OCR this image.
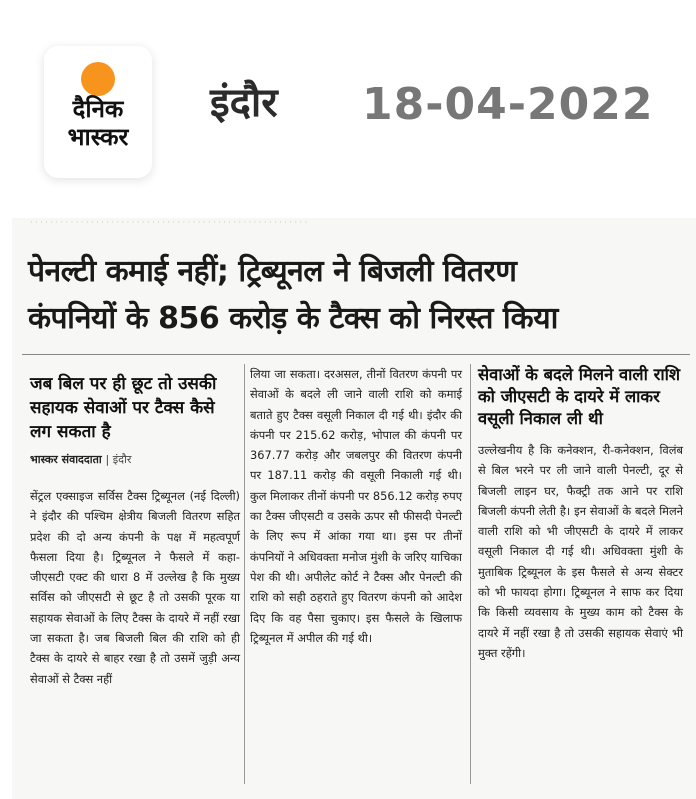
दैनिक
भास्कर
इंदौर 18-04-2022
· · · · · · · · · · · · · · · · · · · · · · · · · · · · · · · · · · · · · · · · · · · · · · · · · · · · · · ·
पेनल्टी कमाई नहीं; ट्रिब्यूनल ने बिजली वितरण
कंपनियों के 856 करोड़ के टैक्स को निरस्त किया
जब बिल पर ही छूट तो उसकी सहायक सेवाओं पर टैक्स कैसे लग सकता है
भास्कर संवाददाता | इंदौर

सेंट्रल एक्साइज सर्विस टैक्स ट्रिब्यूनल (नई दिल्ली) ने इंदौर की पश्चिम क्षेत्रीय बिजली वितरण सहित प्रदेश की दो अन्य कंपनी के पक्ष में महत्वपूर्ण फैसला दिया है। ट्रिब्यूनल ने फैसले में कहा- जीएसटी एक्ट की धारा 8 में उल्लेख है कि मुख्य सर्विस को जीएसटी से छूट है तो उसकी पूरक या सहायक सेवाओं के लिए टैक्स के दायरे में नहीं रखा जा सकता है। जब बिजली बिल की राशि को ही टैक्स के दायरे से बाहर रखा है तो उसमें जुड़ी अन्य सेवाओं से टैक्स नहीं

लिया जा सकता। दरअसल, तीनों वितरण कंपनी पर सेवाओं के बदले ली जाने वाली राशि को कमाई बताते हुए टैक्स वसूली निकाल दी गई थी। इंदौर की कंपनी पर 215.62 करोड़, भोपाल की कंपनी पर 367.77 करोड़ और जबलपुर की वितरण कंपनी पर 187.11 करोड़ की वसूली निकाली गई थी। कुल मिलाकर तीनों कंपनी पर 856.12 करोड़ रुपए का टैक्स जीएसटी व उसके ऊपर सौ फीसदी पेनल्टी के लिए रूप में आंका गया था। इस पर तीनों कंपनियों ने अधिवक्ता मनोज मुंशी के जरिए याचिका पेश की थी। अपीलेट कोर्ट ने टैक्स और पेनल्टी की राशि को सही ठहराते हुए वितरण कंपनी को आदेश दिए कि वह पैसा चुकाए। इस फैसले के खिलाफ ट्रिब्यूनल में अपील की गई थी।

सेवाओं के बदले मिलने वाली राशि को जीएसटी के दायरे में लाकर वसूली निकाल ली थी

उल्लेखनीय है कि कनेक्शन, री-कनेक्शन, विलंब से बिल भरने पर ली जाने वाली पेनल्टी, दूर से बिजली लाइन घर, फैक्ट्री तक आने पर राशि बिजली कंपनी लेती है। इन सेवाओं के बदले मिलने वाली राशि को भी जीएसटी के दायरे में लाकर वसूली निकाल दी गई थी। अधिवक्ता मुंशी के मुताबिक ट्रिब्यूनल के इस फैसले से अन्य सेक्टर को भी फायदा होगा। ट्रिब्यूनल ने साफ कर दिया कि किसी व्यवसाय के मुख्य काम को टैक्स के दायरे में नहीं रखा है तो उसकी सहायक सेवाएं भी मुक्त रहेंगी।
